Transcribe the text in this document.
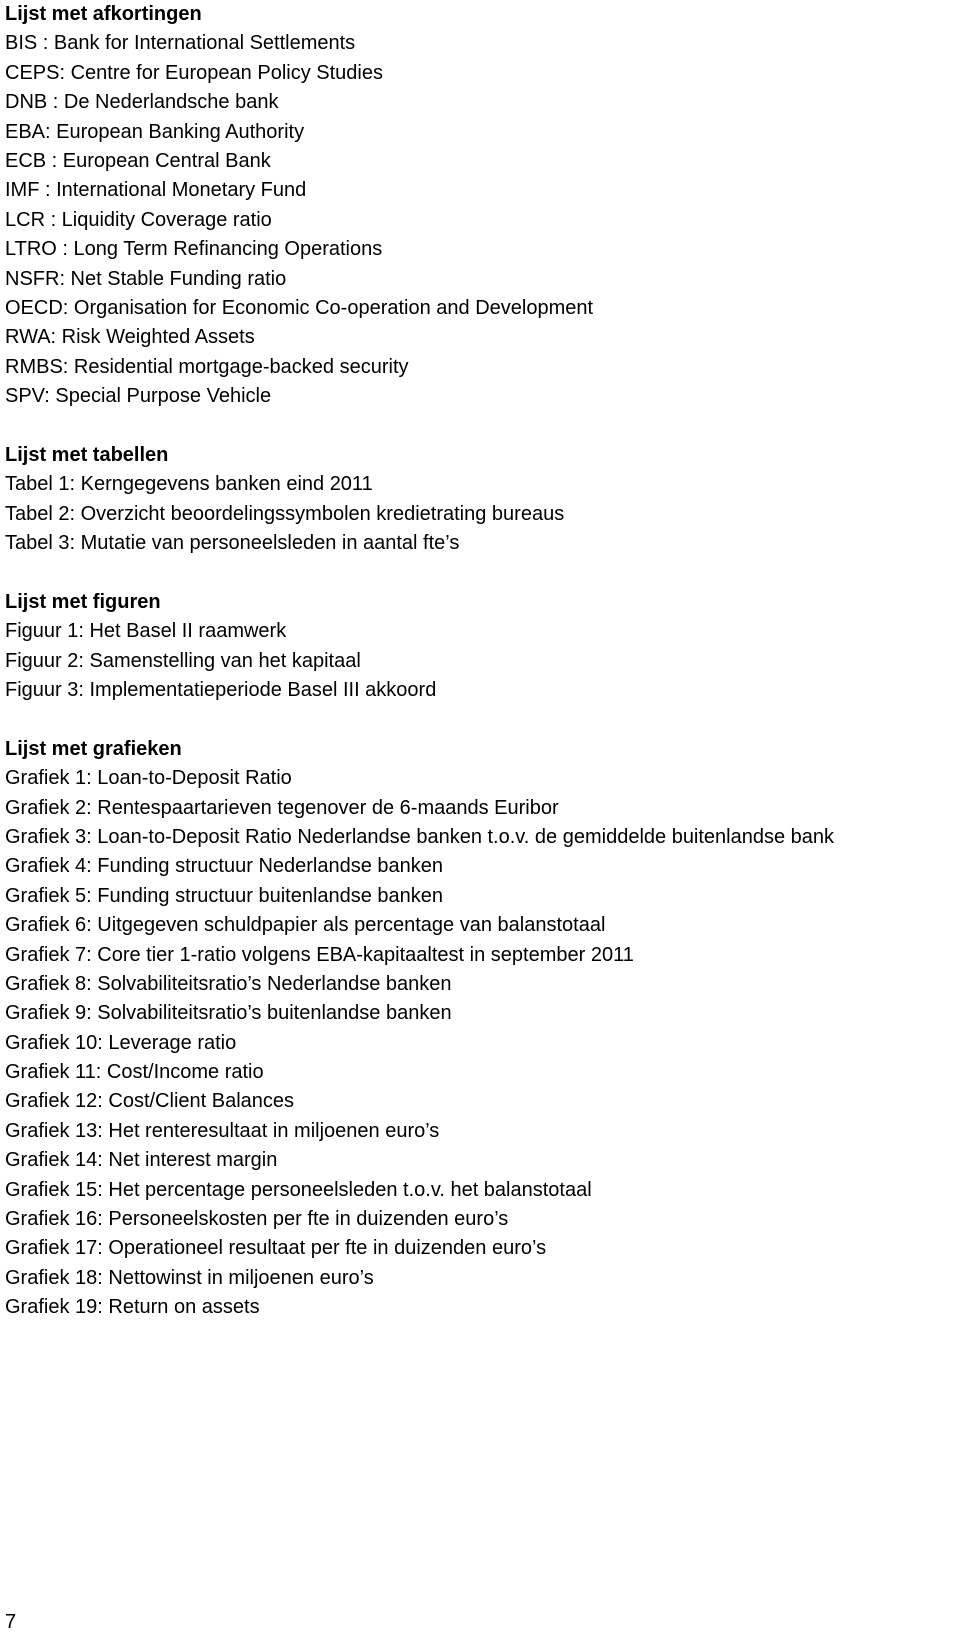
Lijst met afkortingen

BIS : Bank for International Settlements

CEPS: Centre for European Policy Studies

DNB : De Nederlandsche bank

EBA: European Banking Authority

ECB : European Central Bank

IMF : International Monetary Fund

LCR : Liquidity Coverage ratio

LTRO : Long Term Refinancing Operations

NSFR: Net Stable Funding ratio

OECD: Organisation for Economic Co-operation and Development

RWA: Risk Weighted Assets

RMBS: Residential mortgage-backed security

SPV: Special Purpose Vehicle

Lijst met tabellen

Tabel 1: Kerngegevens banken eind 2011

Tabel 2: Overzicht beoordelingssymbolen kredietrating bureaus

Tabel 3: Mutatie van personeelsleden in aantal fte’s

Lijst met figuren

Figuur 1: Het Basel II raamwerk

Figuur 2: Samenstelling van het kapitaal

Figuur 3: Implementatieperiode Basel III akkoord

Lijst met grafieken

Grafiek 1: Loan-to-Deposit Ratio

Grafiek 2: Rentespaartarieven tegenover de 6-maands Euribor

Grafiek 3: Loan-to-Deposit Ratio Nederlandse banken t.o.v. de gemiddelde buitenlandse bank

Grafiek 4: Funding structuur Nederlandse banken

Grafiek 5: Funding structuur buitenlandse banken

Grafiek 6: Uitgegeven schuldpapier als percentage van balanstotaal

Grafiek 7: Core tier 1-ratio volgens EBA-kapitaaltest in september 2011

Grafiek 8: Solvabiliteitsratio’s Nederlandse banken

Grafiek 9: Solvabiliteitsratio’s buitenlandse banken

Grafiek 10: Leverage ratio

Grafiek 11: Cost/Income ratio

Grafiek 12: Cost/Client Balances

Grafiek 13: Het renteresultaat in miljoenen euro’s

Grafiek 14: Net interest margin

Grafiek 15: Het percentage personeelsleden t.o.v. het balanstotaal

Grafiek 16: Personeelskosten per fte in duizenden euro’s

Grafiek 17: Operationeel resultaat per fte in duizenden euro’s

Grafiek 18: Nettowinst in miljoenen euro’s

Grafiek 19: Return on assets

7
